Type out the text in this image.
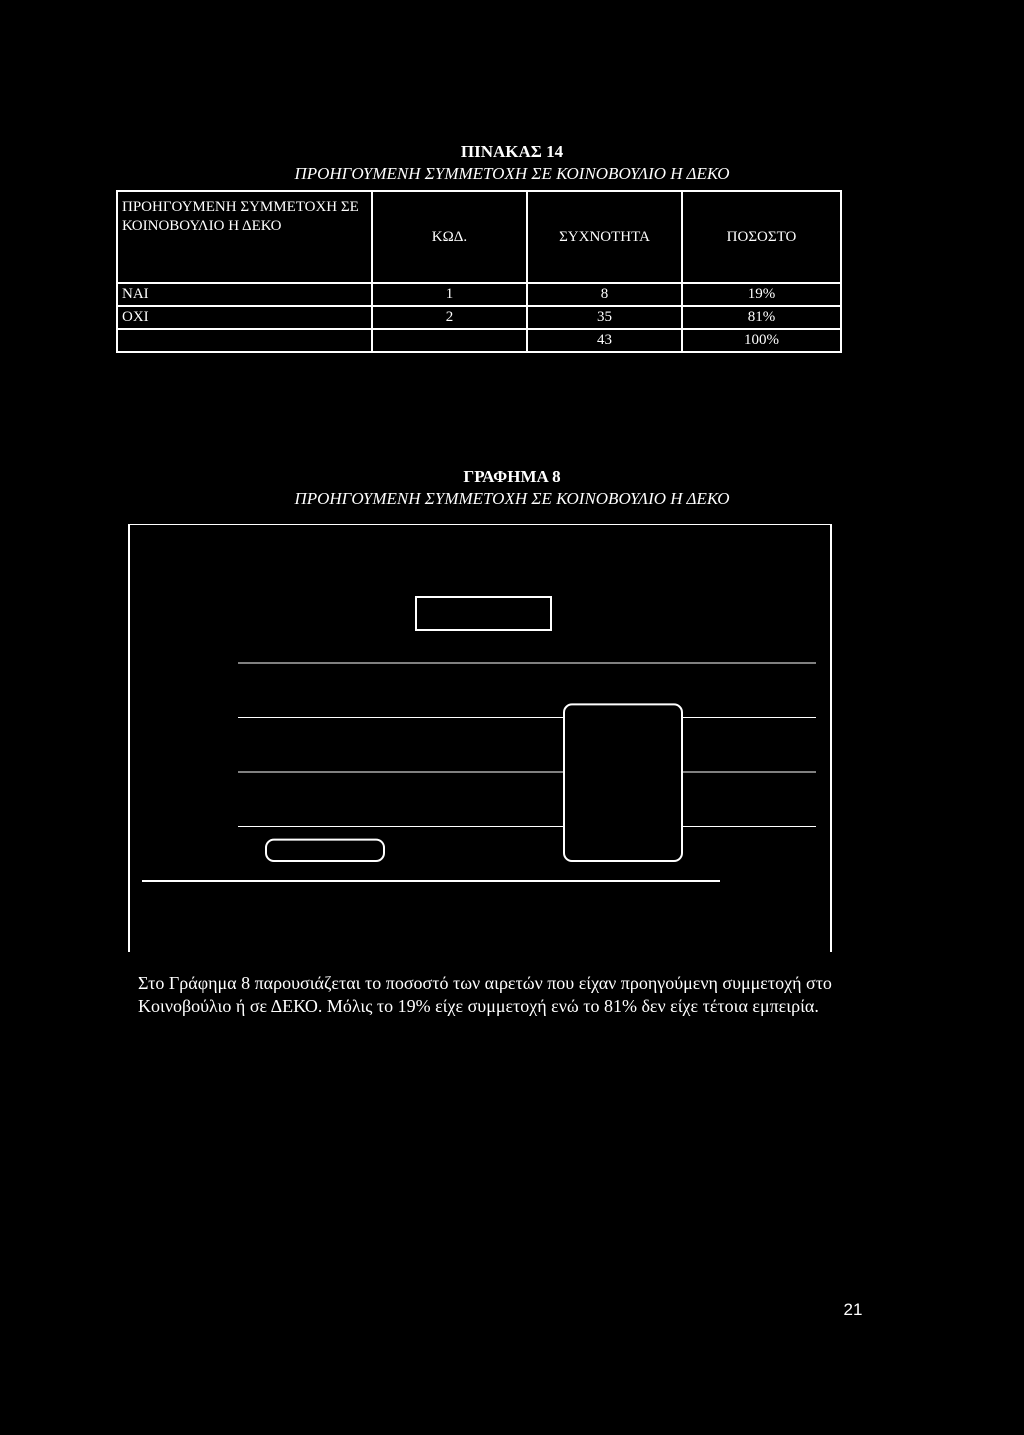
ΠΙΝΑΚΑΣ 14
ΠΡΟΗΓΟΥΜΕΝΗ ΣΥΜΜΕΤΟΧΗ ΣΕ ΚΟΙΝΟΒΟΥΛΙΟ Η ΔΕΚΟ
ΠΡΟΗΓΟΥΜΕΝΗ ΣΥΜΜΕΤΟΧΗ ΣΕ ΚΟΙΝΟΒΟΥΛΙΟ Η ΔΕΚΟ	ΚΩΔ.	ΣΥΧΝΟΤΗΤΑ	ΠΟΣΟΣΤΟ
ΝΑΙ	1	8	19%
ΟΧΙ	2	35	81%
		43	100%
ΓΡΑΦΗΜΑ 8
ΠΡΟΗΓΟΥΜΕΝΗ ΣΥΜΜΕΤΟΧΗ ΣΕ ΚΟΙΝΟΒΟΥΛΙΟ Η ΔΕΚΟ
Στο Γράφημα 8 παρουσιάζεται το ποσοστό των αιρετών που είχαν προηγούμενη συμμετοχή στο Κοινοβούλιο ή σε ΔΕΚΟ. Μόλις το 19% είχε συμμετοχή ενώ το 81% δεν είχε τέτοια εμπειρία.
21
